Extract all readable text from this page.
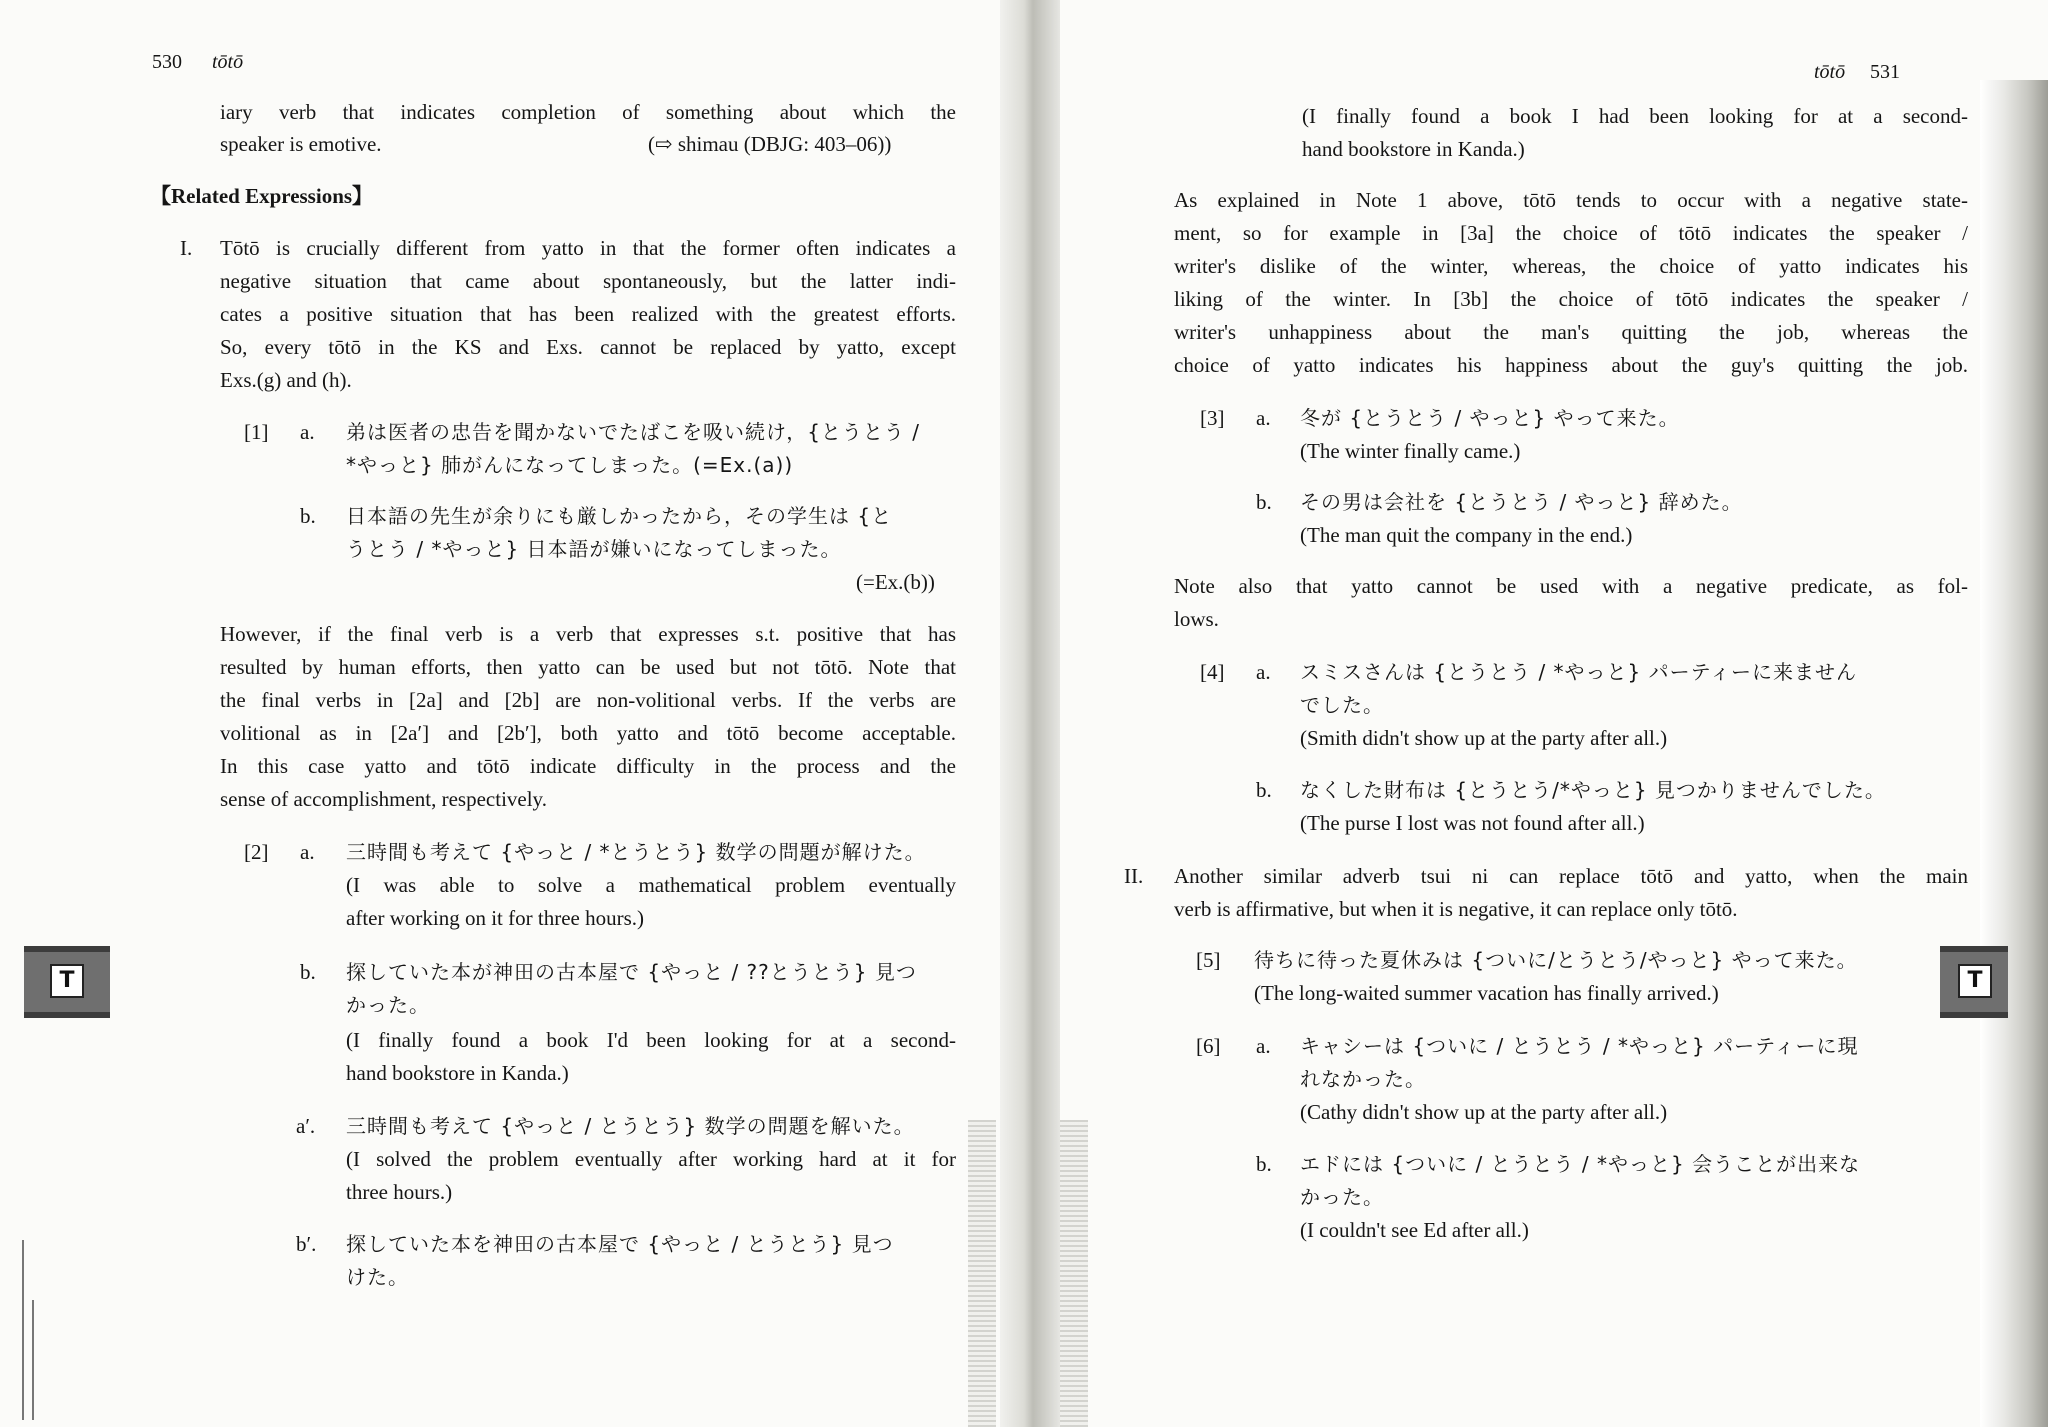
530 tōtō
iary verb that indicates completion of something about which the
speaker is emotive.	(⇨ shimau (DBJG: 403–06))
【Related Expressions】
I. Tōtō is crucially different from yatto in that the former often indicates a
negative situation that came about spontaneously, but the latter indi-
cates a positive situation that has been realized with the greatest efforts.
So, every tōtō in the KS and Exs. cannot be replaced by yatto, except
Exs.(g) and (h).
[1] a. 弟は医者の忠告を聞かないでたばこを吸い続け，{とうとう /
*やっと} 肺がんになってしまった。(=Ex.(a))
b. 日本語の先生が余りにも厳しかったから，その学生は {と
うとう / *やっと} 日本語が嫌いになってしまった。
(=Ex.(b))
However, if the final verb is a verb that expresses s.t. positive that has
resulted by human efforts, then yatto can be used but not tōtō. Note that
the final verbs in [2a] and [2b] are non-volitional verbs. If the verbs are
volitional as in [2a′] and [2b′], both yatto and tōtō become acceptable.
In this case yatto and tōtō indicate difficulty in the process and the
sense of accomplishment, respectively.
[2] a. 三時間も考えて {やっと / *とうとう} 数学の問題が解けた。
(I was able to solve a mathematical problem eventually
after working on it for three hours.)
b. 探していた本が神田の古本屋で {やっと / ??とうとう} 見つ
かった。
(I finally found a book I'd been looking for at a second-
hand bookstore in Kanda.)
a′. 三時間も考えて {やっと / とうとう} 数学の問題を解いた。
(I solved the problem eventually after working hard at it for
three hours.)
b′. 探していた本を神田の古本屋で {やっと / とうとう} 見つ
けた。
T
tōtō 531
(I finally found a book I had been looking for at a second-
hand bookstore in Kanda.)
As explained in Note 1 above, tōtō tends to occur with a negative state-
ment, so for example in [3a] the choice of tōtō indicates the speaker /
writer's dislike of the winter, whereas, the choice of yatto indicates his
liking of the winter. In [3b] the choice of tōtō indicates the speaker /
writer's unhappiness about the man's quitting the job, whereas the
choice of yatto indicates his happiness about the guy's quitting the job.
[3] a. 冬が {とうとう / やっと} やって来た。
(The winter finally came.)
b. その男は会社を {とうとう / やっと} 辞めた。
(The man quit the company in the end.)
Note also that yatto cannot be used with a negative predicate, as fol-
lows.
[4] a. スミスさんは {とうとう / *やっと} パーティーに来ません
でした。
(Smith didn't show up at the party after all.)
b. なくした財布は {とうとう/*やっと} 見つかりませんでした。
(The purse I lost was not found after all.)
II. Another similar adverb tsui ni can replace tōtō and yatto, when the main
verb is affirmative, but when it is negative, it can replace only tōtō.
[5] 待ちに待った夏休みは {ついに/とうとう/やっと} やって来た。
(The long-waited summer vacation has finally arrived.)
[6] a. キャシーは {ついに / とうとう / *やっと} パーティーに現
れなかった。
(Cathy didn't show up at the party after all.)
b. エドには {ついに / とうとう / *やっと} 会うことが出来な
かった。
(I couldn't see Ed after all.)
T
